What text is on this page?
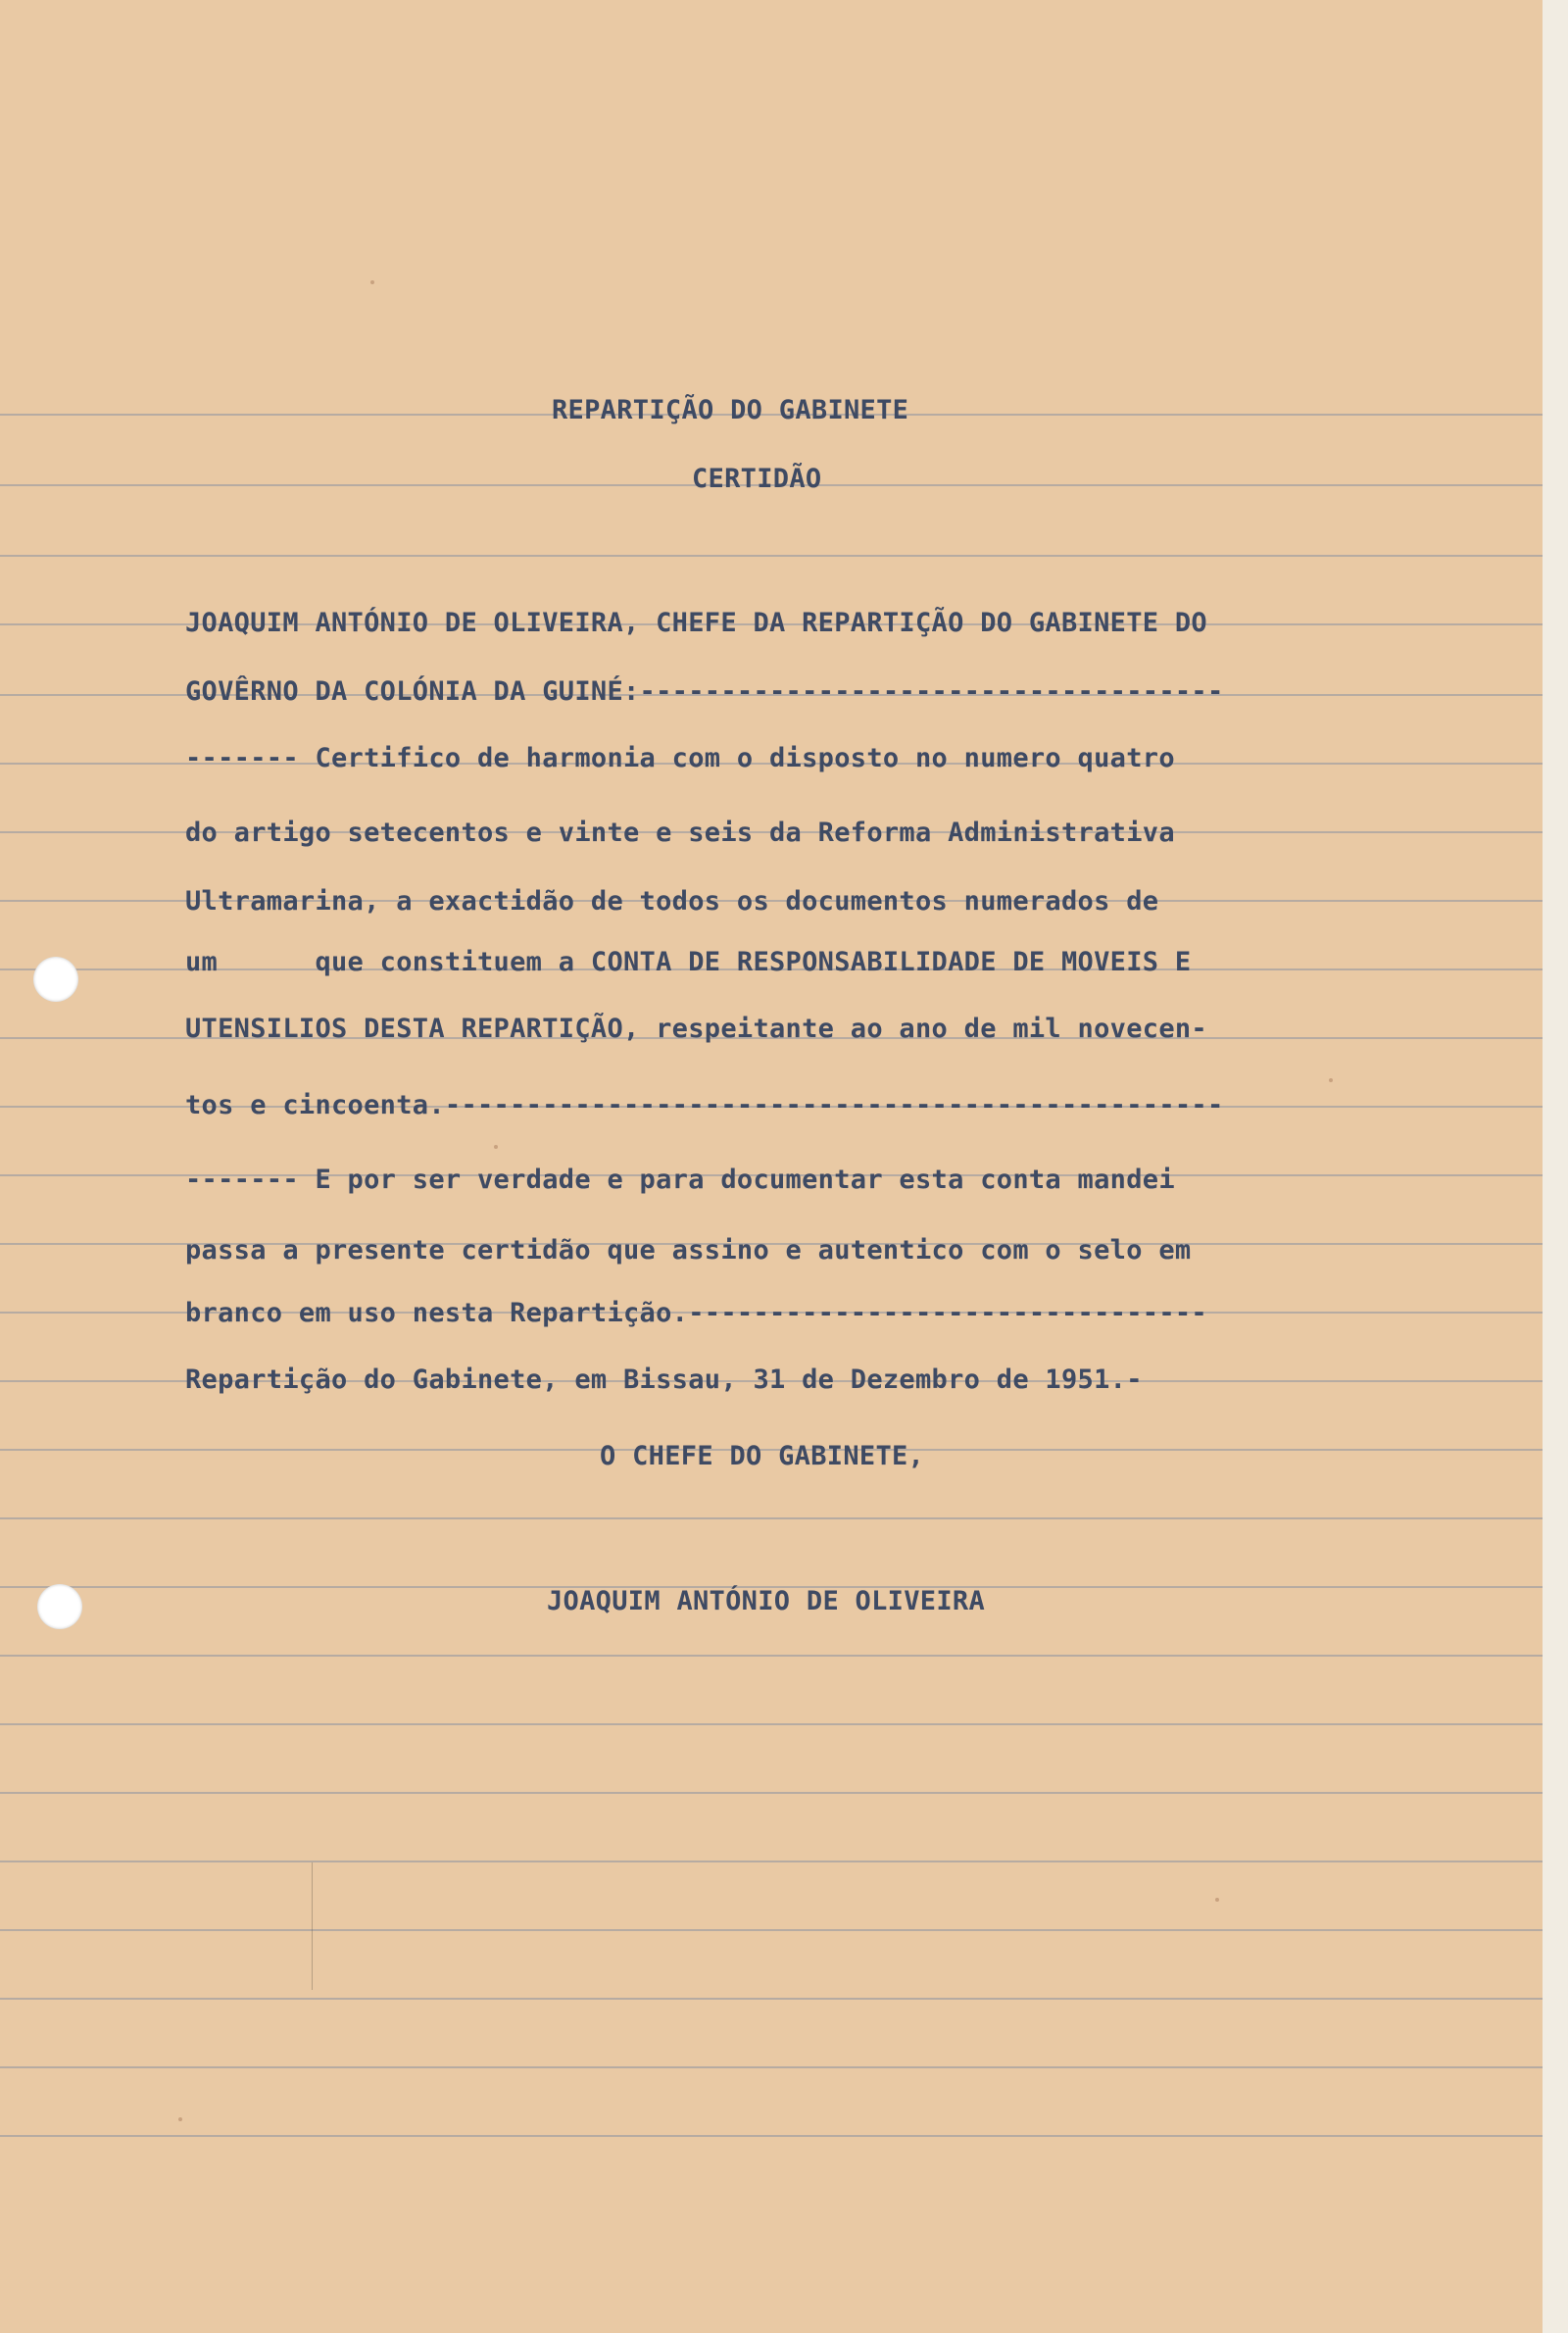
REPARTIÇÃO DO GABINETE
CERTIDÃO
JOAQUIM ANTÓNIO DE OLIVEIRA, CHEFE DA REPARTIÇÃO DO GABINETE DO
GOVÊRNO DA COLÓNIA DA GUINÉ:------------------------------------
------- Certifico de harmonia com o disposto no numero quatro
do artigo setecentos e vinte e seis da Reforma Administrativa
Ultramarina, a exactidão de todos os documentos numerados de
um      que constituem a CONTA DE RESPONSABILIDADE DE MOVEIS E
UTENSILIOS DESTA REPARTIÇÃO, respeitante ao ano de mil novecen-
tos e cincoenta.------------------------------------------------
------- E por ser verdade e para documentar esta conta mandei
passa a presente certidão que assino e autentico com o selo em
branco em uso nesta Repartição.--------------------------------
Repartição do Gabinete, em Bissau, 31 de Dezembro de 1951.-
O CHEFE DO GABINETE,
JOAQUIM ANTÓNIO DE OLIVEIRA
